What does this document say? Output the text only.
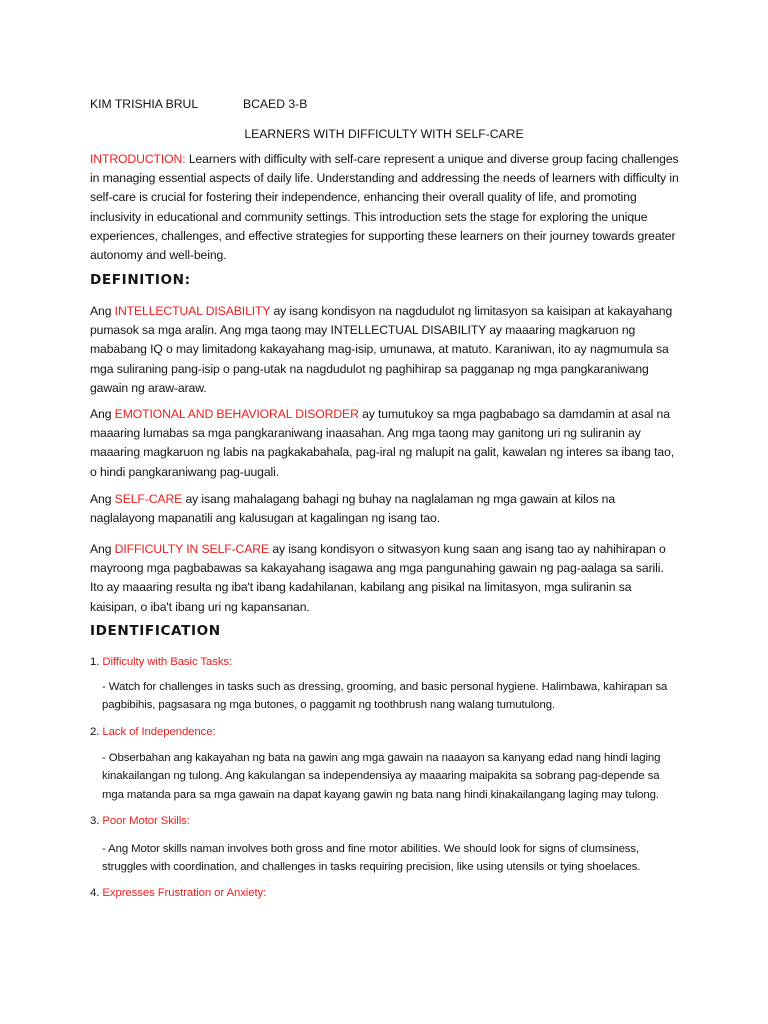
KIM TRISHIA BRUL	BCAED 3-B
LEARNERS WITH DIFFICULTY WITH SELF-CARE
INTRODUCTION: Learners with difficulty with self-care represent a unique and diverse group facing challenges in managing essential aspects of daily life. Understanding and addressing the needs of learners with difficulty in self-care is crucial for fostering their independence, enhancing their overall quality of life, and promoting inclusivity in educational and community settings. This introduction sets the stage for exploring the unique experiences, challenges, and effective strategies for supporting these learners on their journey towards greater autonomy and well-being.
DEFINITION:
Ang INTELLECTUAL DISABILITY ay isang kondisyon na nagdudulot ng limitasyon sa kaisipan at kakayahang pumasok sa mga aralin. Ang mga taong may INTELLECTUAL DISABILITY ay maaaring magkaruon ng mababang IQ o may limitadong kakayahang mag-isip, umunawa, at matuto. Karaniwan, ito ay nagmumula sa mga suliraning pang-isip o pang-utak na nagdudulot ng paghihirap sa pagganap ng mga pangkaraniwang gawain ng araw-araw.
Ang EMOTIONAL AND BEHAVIORAL DISORDER ay tumutukoy sa mga pagbabago sa damdamin at asal na maaaring lumabas sa mga pangkaraniwang inaasahan. Ang mga taong may ganitong uri ng suliranin ay maaaring magkaruon ng labis na pagkakabahala, pag-iral ng malupit na galit, kawalan ng interes sa ibang tao, o hindi pangkaraniwang pag-uugali.
Ang SELF-CARE ay isang mahalagang bahagi ng buhay na naglalaman ng mga gawain at kilos na naglalayong mapanatili ang kalusugan at kagalingan ng isang tao.
Ang DIFFICULTY IN SELF-CARE ay isang kondisyon o sitwasyon kung saan ang isang tao ay nahihirapan o mayroong mga pagbabawas sa kakayahang isagawa ang mga pangunahing gawain ng pag-aalaga sa sarili. Ito ay maaaring resulta ng iba't ibang kadahilanan, kabilang ang pisikal na limitasyon, mga suliranin sa kaisipan, o iba't ibang uri ng kapansanan.
IDENTIFICATION
1. Difficulty with Basic Tasks:
- Watch for challenges in tasks such as dressing, grooming, and basic personal hygiene. Halimbawa, kahirapan sa pagbibihis, pagsasara ng mga butones, o paggamit ng toothbrush nang walang tumutulong.
2. Lack of Independence:
- Obserbahan ang kakayahan ng bata na gawin ang mga gawain na naaayon sa kanyang edad nang hindi laging kinakailangan ng tulong. Ang kakulangan sa independensiya ay maaaring maipakita sa sobrang pag-depende sa mga matanda para sa mga gawain na dapat kayang gawin ng bata nang hindi kinakailangang laging may tulong.
3. Poor Motor Skills:
- Ang Motor skills naman involves both gross and fine motor abilities. We should look for signs of clumsiness, struggles with coordination, and challenges in tasks requiring precision, like using utensils or tying shoelaces.
4. Expresses Frustration or Anxiety:
